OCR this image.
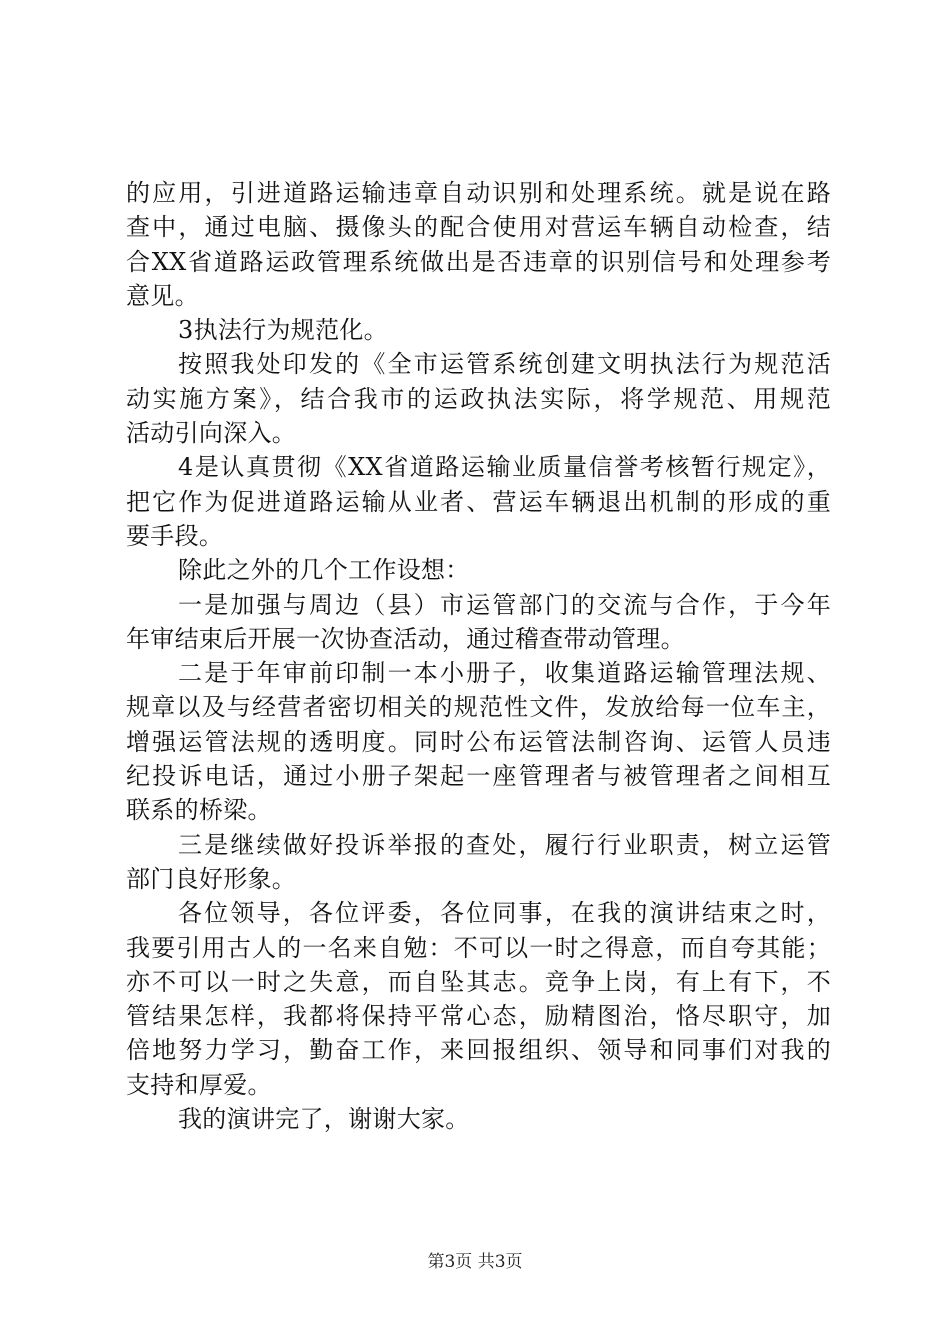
的应用，引进道路运输违章自动识别和处理系统。就是说在路
查中，通过电脑、摄像头的配合使用对营运车辆自动检查，结
合XX省道路运政管理系统做出是否违章的识别信号和处理参考
意见。
3执法行为规范化。
按照我处印发的《全市运管系统创建文明执法行为规范活
动实施方案》，结合我市的运政执法实际，将学规范、用规范
活动引向深入。
4是认真贯彻《XX省道路运输业质量信誉考核暂行规定》，
把它作为促进道路运输从业者、营运车辆退出机制的形成的重
要手段。
除此之外的几个工作设想：
一是加强与周边（县）市运管部门的交流与合作，于今年
年审结束后开展一次协查活动，通过稽查带动管理。
二是于年审前印制一本小册子，收集道路运输管理法规、
规章以及与经营者密切相关的规范性文件，发放给每一位车主，
增强运管法规的透明度。同时公布运管法制咨询、运管人员违
纪投诉电话，通过小册子架起一座管理者与被管理者之间相互
联系的桥梁。
三是继续做好投诉举报的查处，履行行业职责，树立运管
部门良好形象。
各位领导，各位评委，各位同事，在我的演讲结束之时，
我要引用古人的一名来自勉：不可以一时之得意，而自夸其能；
亦不可以一时之失意，而自坠其志。竞争上岗，有上有下，不
管结果怎样，我都将保持平常心态，励精图治，恪尽职守，加
倍地努力学习，勤奋工作，来回报组织、领导和同事们对我的
支持和厚爱。
我的演讲完了，谢谢大家。
第3页 共3页
